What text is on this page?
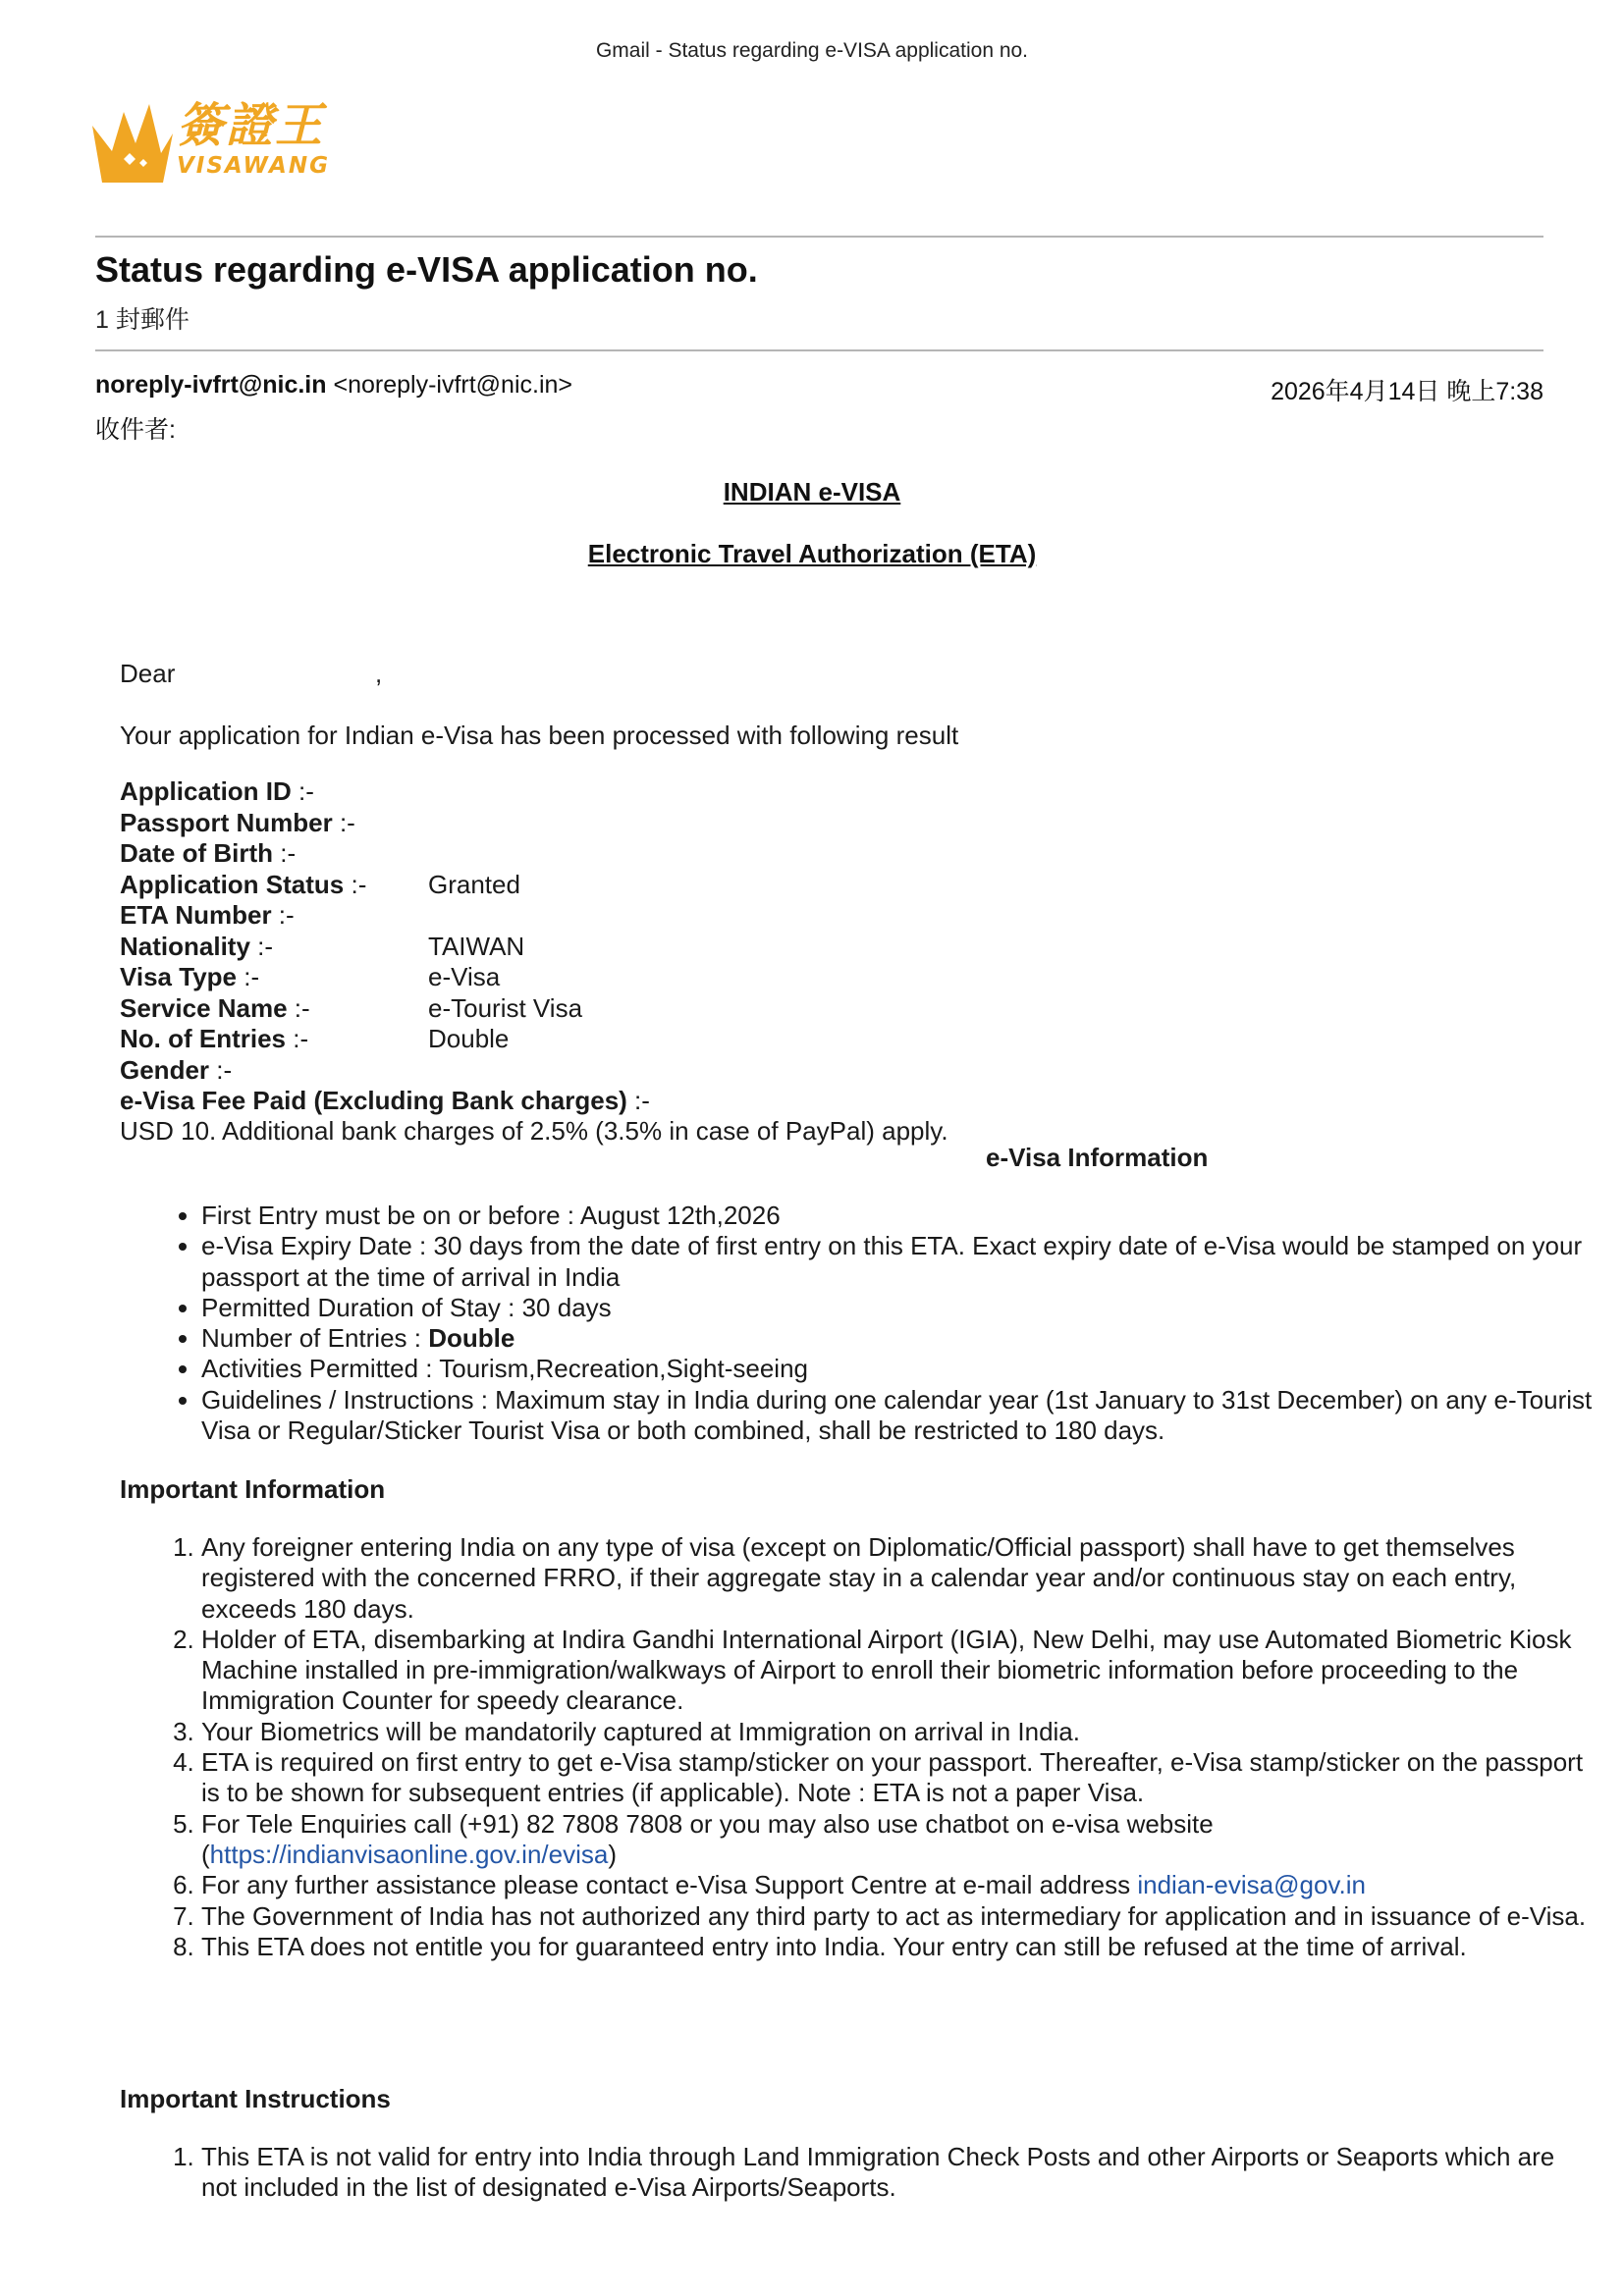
Gmail - Status regarding e-VISA application no.
簽證王
VISAWANG
Status regarding e-VISA application no.
1 封郵件
noreply-ivfrt@nic.in <noreply-ivfrt@nic.in>	2026年4月14日 晚上7:38
收件者:
INDIAN e-VISA
Electronic Travel Authorization (ETA)
Dear	,
Your application for Indian e-Visa has been processed with following result
Application ID :-
Passport Number :-
Date of Birth :-
Application Status :- Granted
ETA Number :-
Nationality :-	TAIWAN
Visa Type :-	e-Visa
Service Name :-	e-Tourist Visa
No. of Entries :-	Double
Gender :-
e-Visa Fee Paid (Excluding Bank charges) :-
USD 10. Additional bank charges of 2.5% (3.5% in case of PayPal) apply.
e-Visa Information
• First Entry must be on or before : August 12th,2026
• e-Visa Expiry Date : 30 days from the date of first entry on this ETA. Exact expiry date of e-Visa would be stamped on your passport at the time of arrival in India
• Permitted Duration of Stay : 30 days
• Number of Entries : Double
• Activities Permitted : Tourism,Recreation,Sight-seeing
• Guidelines / Instructions : Maximum stay in India during one calendar year (1st January to 31st December) on any e-Tourist Visa or Regular/Sticker Tourist Visa or both combined, shall be restricted to 180 days.
Important Information
1. Any foreigner entering India on any type of visa (except on Diplomatic/Official passport) shall have to get themselves registered with the concerned FRRO, if their aggregate stay in a calendar year and/or continuous stay on each entry, exceeds 180 days.
2. Holder of ETA, disembarking at Indira Gandhi International Airport (IGIA), New Delhi, may use Automated Biometric Kiosk Machine installed in pre-immigration/walkways of Airport to enroll their biometric information before proceeding to the Immigration Counter for speedy clearance.
3. Your Biometrics will be mandatorily captured at Immigration on arrival in India.
4. ETA is required on first entry to get e-Visa stamp/sticker on your passport. Thereafter, e-Visa stamp/sticker on the passport is to be shown for subsequent entries (if applicable). Note : ETA is not a paper Visa.
5. For Tele Enquiries call (+91) 82 7808 7808 or you may also use chatbot on e-visa website (https://indianvisaonline.gov.in/evisa)
6. For any further assistance please contact e-Visa Support Centre at e-mail address indian-evisa@gov.in
7. The Government of India has not authorized any third party to act as intermediary for application and in issuance of e-Visa.
8. This ETA does not entitle you for guaranteed entry into India. Your entry can still be refused at the time of arrival.
Important Instructions
1. This ETA is not valid for entry into India through Land Immigration Check Posts and other Airports or Seaports which are not included in the list of designated e-Visa Airports/Seaports.
